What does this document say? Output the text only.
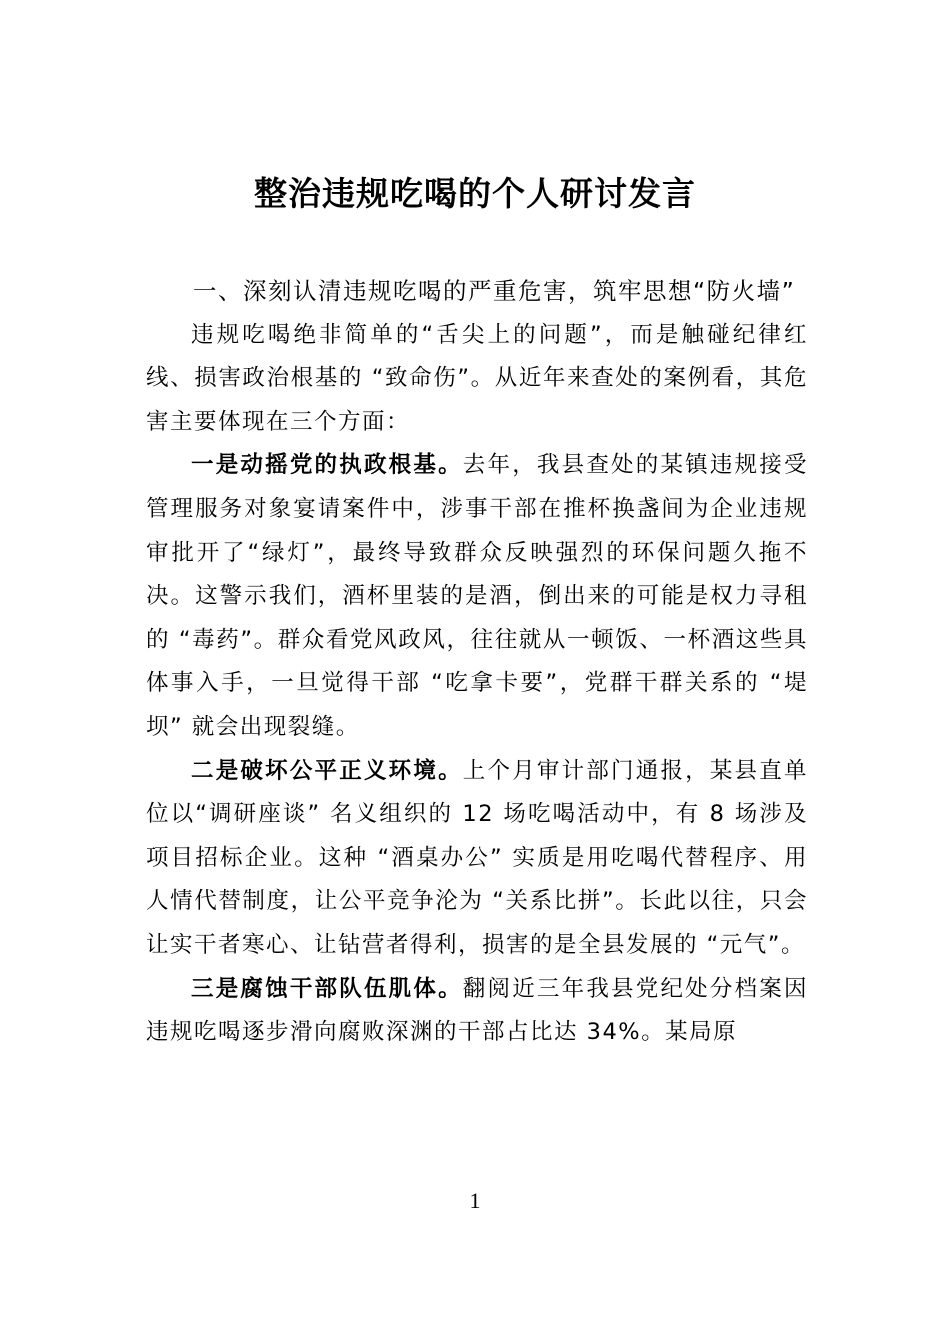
整治违规吃喝的个人研讨发言

一、深刻认清违规吃喝的严重危害，筑牢思想“防火墙”

违规吃喝绝非简单的“舌尖上的问题”，而是触碰纪律红线、损害政治根基的 “致命伤”。从近年来查处的案例看，其危害主要体现在三个方面：

一是动摇党的执政根基。去年，我县查处的某镇违规接受管理服务对象宴请案件中，涉事干部在推杯换盏间为企业违规审批开了“绿灯”，最终导致群众反映强烈的环保问题久拖不决。这警示我们，酒杯里装的是酒，倒出来的可能是权力寻租的 “毒药”。群众看党风政风，往往就从一顿饭、一杯酒这些具体事入手，一旦觉得干部 “吃拿卡要”，党群干群关系的 “堤坝” 就会出现裂缝。

二是破坏公平正义环境。上个月审计部门通报，某县直单位以“调研座谈” 名义组织的 12 场吃喝活动中，有 8 场涉及项目招标企业。这种 “酒桌办公” 实质是用吃喝代替程序、用人情代替制度，让公平竞争沦为 “关系比拼”。长此以往，只会让实干者寒心、让钻营者得利，损害的是全县发展的 “元气”。

三是腐蚀干部队伍肌体。翻阅近三年我县党纪处分档案因违规吃喝逐步滑向腐败深渊的干部占比达 34%。某局原

1
